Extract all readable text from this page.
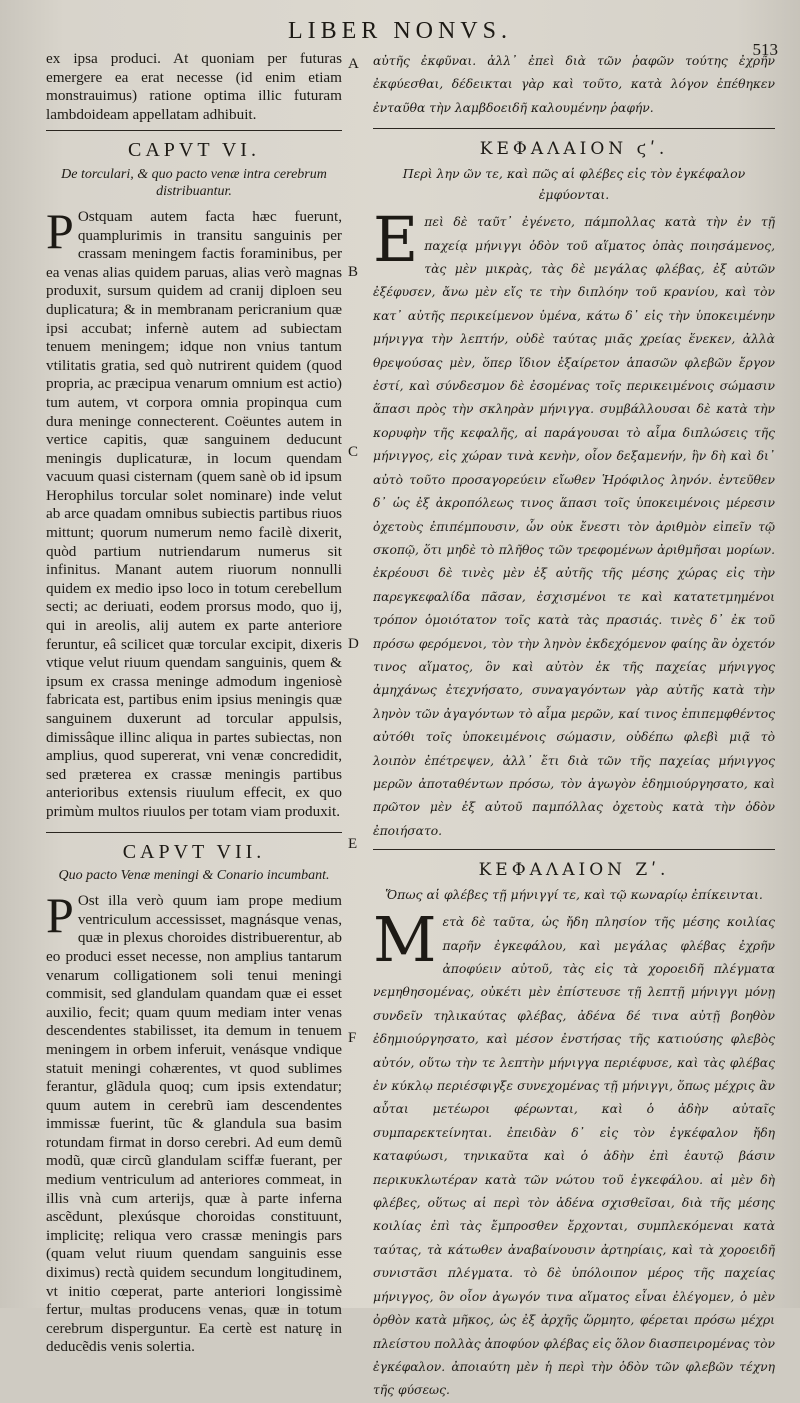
LIBER NONVS.
513
A
B
C
D
E
F

ex ipsa produci. At quoniam per futuras emergere ea erat necesse (id enim etiam monstrauimus) ratione optima illic futuram lambdoideam appellatam adhibuit.

CAPVT VI.
De torculari, & quo pacto venæ intra cerebrum distribuantur.

P Ostquam autem facta hæc fuerunt, quamplurimis in transitu sanguinis per crassam meningem factis foraminibus, per ea venas alias quidem paruas, alias verò magnas produxit, sursum quidem ad cranij diploen seu duplicatura; & in membranam pericranium quæ ipsi accubat; infernè autem ad subiectam tenuem meningem; idque non vnius tantum vtilitatis gratia, sed quò nutrirent quidem (quod propria, ac præcipua venarum omnium est actio) tum autem, vt corpora omnia propinqua cum dura meninge connecterent. Coëuntes autem in vertice capitis, quæ sanguinem deducunt meningis duplicaturæ, in locum quendam vacuum quasi cisternam (quem sanè ob id ipsum Herophilus torcular solet nominare) inde velut ab arce quadam omnibus subiectis partibus riuos mittunt; quorum numerum nemo facilè dixerit, quòd partium nutriendarum numerus sit infinitus. Manant autem riuorum nonnulli quidem ex medio ipso loco in totum cerebellum secti; ac deriuati, eodem prorsus modo, quo ij, qui in areolis, alij autem ex parte anteriore feruntur, eâ scilicet quæ torcular excipit, dixeris vtique velut riuum quendam sanguinis, quem & ipsum ex crassa meninge admodum ingeniosè fabricata est, partibus enim ipsius meningis quæ sanguinem duxerunt ad torcular appulsis, dimissâque illinc aliqua in partes subiectas, non amplius, quod supererat, vni venæ concredidit, sed præterea ex crassæ meningis partibus anterioribus extensis riuulum effecit, ex quo primùm multos riuulos per totam viam produxit.

CAPVT VII.
Quo pacto Venæ meningi & Conario incumbant.

P Ost illa verò quum iam prope medium ventriculum accessisset, magnásque venas, quæ in plexus choroides distribuerentur, ab eo produci esset necesse, non amplius tantarum venarum colligationem soli tenui meningi commisit, sed glandulam quandam quæ ei esset auxilio, fecit; quam quum mediam inter venas descendentes stabilisset, ita demum in tenuem meningem in orbem inferuit, venásque vndique statuit meningi cohærentes, vt quod sublimes ferantur, glãdula quoq; cum ipsis extendatur; quum autem in cerebrũ iam descendentes immissæ fuerint, tũc & glandula sua basim rotundam firmat in dorso cerebri. Ad eum demũ modũ, quæ circũ glandulam sciffæ fuerant, per medium ventriculum ad anteriores commeat, in illis vnà cum arterijs, quæ à parte inferna ascẽdunt, plexúsque choroidas constituunt, implicitę; reliqua vero crassæ meningis pars (quam velut riuum quendam sanguinis esse diximus) rectà quidem secundum longitudinem, vt initio cœperat, parte anteriori longissimè fertur, multas producens venas, quæ in totum cerebrum disperguntur. Ea certè est naturę in deducẽdis venis solertia.

αὐτῆς ἐκφῦναι. ἀλλ᾽ ἐπεὶ διὰ τῶν ῥαφῶν τούτης ἐχρῆν ἐκφύεσθαι, δέδεικται γὰρ καὶ τοῦτο, κατὰ λόγον ἐπέθηκεν ἐνταῦθα τὴν λαμβδοειδῆ καλουμένην ῥαφήν.

ΚΕΦΑΛΑΙΟΝ ϛʹ.
Περὶ λην ῶν τε, καὶ πῶς αἱ φλέβες εἰς τὸν ἐγκέφαλον ἐμφύονται.

Επεὶ δὲ ταῦτ᾽ ἐγένετο, πάμπολλας κατὰ τὴν ἐν τῇ παχείᾳ μήνιγγι ὁδὸν τοῦ αἵματος ὀπὰς ποιησάμενος, τὰς μὲν μικρὰς, τὰς δὲ μεγάλας φλέβας, ἐξ αὐτῶν ἐξέφυσεν, ἄνω μὲν εἴς τε τὴν διπλόην τοῦ κρανίου, καὶ τὸν κατ᾽ αὐτῆς περικείμενον ὑμένα, κάτω δ᾽ εἰς τὴν ὑποκειμένην μήνιγγα τὴν λεπτήν, οὐδὲ ταύτας μιᾶς χρείας ἕνεκεν, ἀλλὰ θρεψούσας μὲν, ὅπερ ἴδιον ἐξαίρετον ἁπασῶν φλεβῶν ἔργον ἐστί, καὶ σύνδεσμον δὲ ἐσομένας τοῖς περικειμένοις σώμασιν ἅπασι πρὸς τὴν σκληρὰν μήνιγγα. συμβάλλουσαι δὲ κατὰ τὴν κορυφὴν τῆς κεφαλῆς, αἱ παράγουσαι τὸ αἷμα διπλώσεις τῆς μήνιγγος, εἰς χώραν τινὰ κενὴν, οἷον δεξαμενήν, ἣν δὴ καὶ δι᾽ αὐτὸ τοῦτο προσαγορεύειν εἴωθεν Ἡρόφιλος ληνόν. ἐντεῦθεν δ᾽ ὡς ἐξ ἀκροπόλεως τινος ἅπασι τοῖς ὑποκειμένοις μέρεσιν ὀχετοὺς ἐπιπέμπουσιν, ὧν οὐκ ἔνεστι τὸν ἀριθμὸν εἰπεῖν τῷ σκοπῷ, ὅτι μηδὲ τὸ πλῆθος τῶν τρεφομένων ἀριθμῆσαι μορίων. ἐκρέουσι δὲ τινὲς μὲν ἐξ αὐτῆς τῆς μέσης χώρας εἰς τὴν παρεγκεφαλίδα πᾶσαν, ἐσχισμένοι τε καὶ κατατετμημένοι τρόπον ὁμοιότατον τοῖς κατὰ τὰς πρασιάς. τινὲς δ᾽ ἐκ τοῦ πρόσω φερόμενοι, τὸν τὴν ληνὸν ἐκδεχόμενον φαίης ἂν ὀχετόν τινος αἵματος, ὃν καὶ αὐτὸν ἐκ τῆς παχείας μήνιγγος ἀμηχάνως ἐτεχνήσατο, συναγαγόντων γὰρ αὐτῆς κατὰ τὴν ληνὸν τῶν ἀγαγόντων τὸ αἷμα μερῶν, καί τινος ἐπιπεμφθέντος αὐτόθι τοῖς ὑποκειμένοις σώμασιν, οὐδέπω φλεβὶ μιᾷ τὸ λοιπὸν ἐπέτρεψεν, ἀλλ᾽ ἔτι διὰ τῶν τῆς παχείας μήνιγγος μερῶν ἀποταθέντων πρόσω, τὸν ἀγωγὸν ἐδημιούργησατο, καὶ πρῶτον μὲν ἐξ αὐτοῦ παμπόλλας ὀχετοὺς κατὰ τὴν ὁδὸν ἐποιήσατο.

ΚΕΦΑΛΑΙΟΝ Ζʹ.
Ὅπως αἱ φλέβες τῇ μήνιγγί τε, καὶ τῷ κωναρίῳ ἐπίκεινται.

Μετὰ δὲ ταῦτα, ὡς ἤδη πλησίον τῆς μέσης κοιλίας παρῆν ἐγκεφάλου, καὶ μεγάλας φλέβας ἐχρῆν ἀποφύειν αὐτοῦ, τὰς εἰς τὰ χοροειδῆ πλέγματα νεμηθησομένας, οὐκέτι μὲν ἐπίστευσε τῇ λεπτῇ μήνιγγι μόνῃ συνδεῖν τηλικαύτας φλέβας, ἀδένα δέ τινα αὐτῇ βοηθὸν ἐδημιούργησατο, καὶ μέσον ἐνστήσας τῆς κατιούσης φλεβὸς αὐτόν, οὕτω τὴν τε λεπτὴν μήνιγγα περιέφυσε, καὶ τὰς φλέβας ἐν κύκλῳ περιέσφιγξε συνεχομένας τῇ μήνιγγι, ὅπως μέχρις ἂν αὗται μετέωροι φέρωνται, καὶ ὁ ἀδὴν αὐταῖς συμπαρεκτείνηται. ἐπειδὰν δ᾽ εἰς τὸν ἐγκέφαλον ἤδη καταφύωσι, τηνικαῦτα καὶ ὁ ἀδὴν ἐπὶ ἑαυτῷ βάσιν περικυκλωτέραν κατὰ τῶν νώτου τοῦ ἐγκεφάλου. αἱ μὲν δὴ φλέβες, οὕτως αἱ περὶ τὸν ἀδένα σχισθεῖσαι, διὰ τῆς μέσης κοιλίας ἐπὶ τὰς ἔμπροσθεν ἔρχονται, συμπλεκόμεναι κατὰ ταύτας, τὰ κάτωθεν ἀναβαίνουσιν ἀρτηρίαις, καὶ τὰ χοροειδῆ συνιστᾶσι πλέγματα. τὸ δὲ ὑπόλοιπον μέρος τῆς παχείας μήνιγγος, ὃν οἷον ἀγωγόν τινα αἵματος εἶναι ἐλέγομεν, ὁ μὲν ὀρθὸν κατὰ μῆκος, ὡς ἐξ ἀρχῆς ὥρμητο, φέρεται πρόσω μέχρι πλείστου πολλὰς ἀποφύον φλέβας εἰς ὅλον διασπειρομένας τὸν ἐγκέφαλον. ἀποιαύτη μὲν ἡ περὶ τὴν ὁδὸν τῶν φλεβῶν τέχνη τῆς φύσεως.
